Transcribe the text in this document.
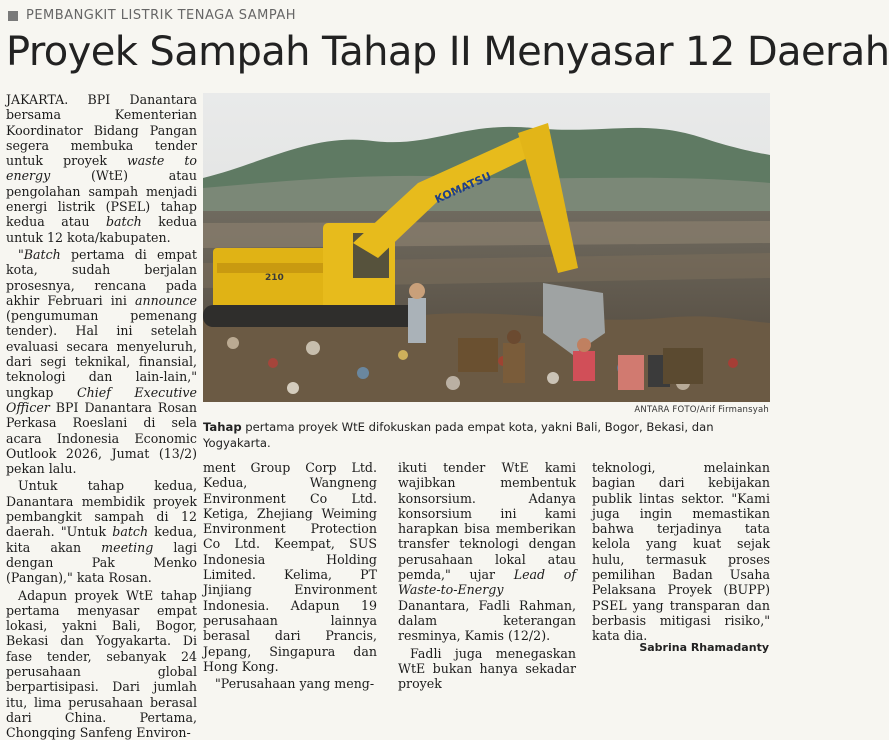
PEMBANGKIT LISTRIK TENAGA SAMPAH
Proyek Sampah Tahap II Menyasar 12 Daerah

JAKARTA. BPI Danantara bersama Kementerian Koordinator Bidang Pangan segera membuka tender untuk proyek waste to energy (WtE) atau pengolahan sampah menjadi energi listrik (PSEL) tahap kedua atau batch kedua untuk 12 kota/kabupaten.

"Batch pertama di empat kota, sudah berjalan prosesnya, rencana pada akhir Februari ini announce (pengumuman pemenang tender). Hal ini setelah evaluasi secara menyeluruh, dari segi teknikal, finansial, teknologi dan lain-lain," ungkap Chief Executive Officer BPI Danantara Rosan Perkasa Roeslani di sela acara Indonesia Economic Outlook 2026, Jumat (13/2) pekan lalu.

Untuk tahap kedua, Danantara membidik proyek pembangkit sampah di 12 daerah. "Untuk batch kedua, kita akan meeting lagi dengan Pak Menko (Pangan)," kata Rosan.

Adapun proyek WtE tahap pertama menyasar empat lokasi, yakni Bali, Bogor, Bekasi dan Yogyakarta. Di fase tender, sebanyak 24 perusahaan global berpartisipasi. Dari jumlah itu, lima perusahaan berasal dari China. Pertama, Chongqing Sanfeng Environ-

210
KOMATSU
ANTARA FOTO/Arif Firmansyah
Tahap pertama proyek WtE difokuskan pada empat kota, yakni Bali, Bogor, Bekasi, dan Yogyakarta.

ment Group Corp Ltd. Kedua, Wangneng Environment Co Ltd. Ketiga, Zhejiang Weiming Environment Protection Co Ltd. Keempat, SUS Indonesia Holding Limited. Kelima, PT Jinjiang Environment Indonesia. Adapun 19 perusahaan lainnya berasal dari Prancis, Jepang, Singapura dan Hong Kong.

"Perusahaan yang meng-

ikuti tender WtE kami wajibkan membentuk konsorsium. Adanya konsorsium ini kami harapkan bisa memberikan transfer teknologi dengan perusahaan lokal atau pemda," ujar Lead of Waste-to-Energy Danantara, Fadli Rahman, dalam keterangan resminya, Kamis (12/2).

Fadli juga menegaskan WtE bukan hanya sekadar proyek

teknologi, melainkan bagian dari kebijakan publik lintas sektor. "Kami juga ingin memastikan bahwa terjadinya tata kelola yang kuat sejak hulu, termasuk proses pemilihan Badan Usaha Pelaksana Proyek (BUPP) PSEL yang transparan dan berbasis mitigasi risiko," kata dia.

Sabrina Rhamadanty
